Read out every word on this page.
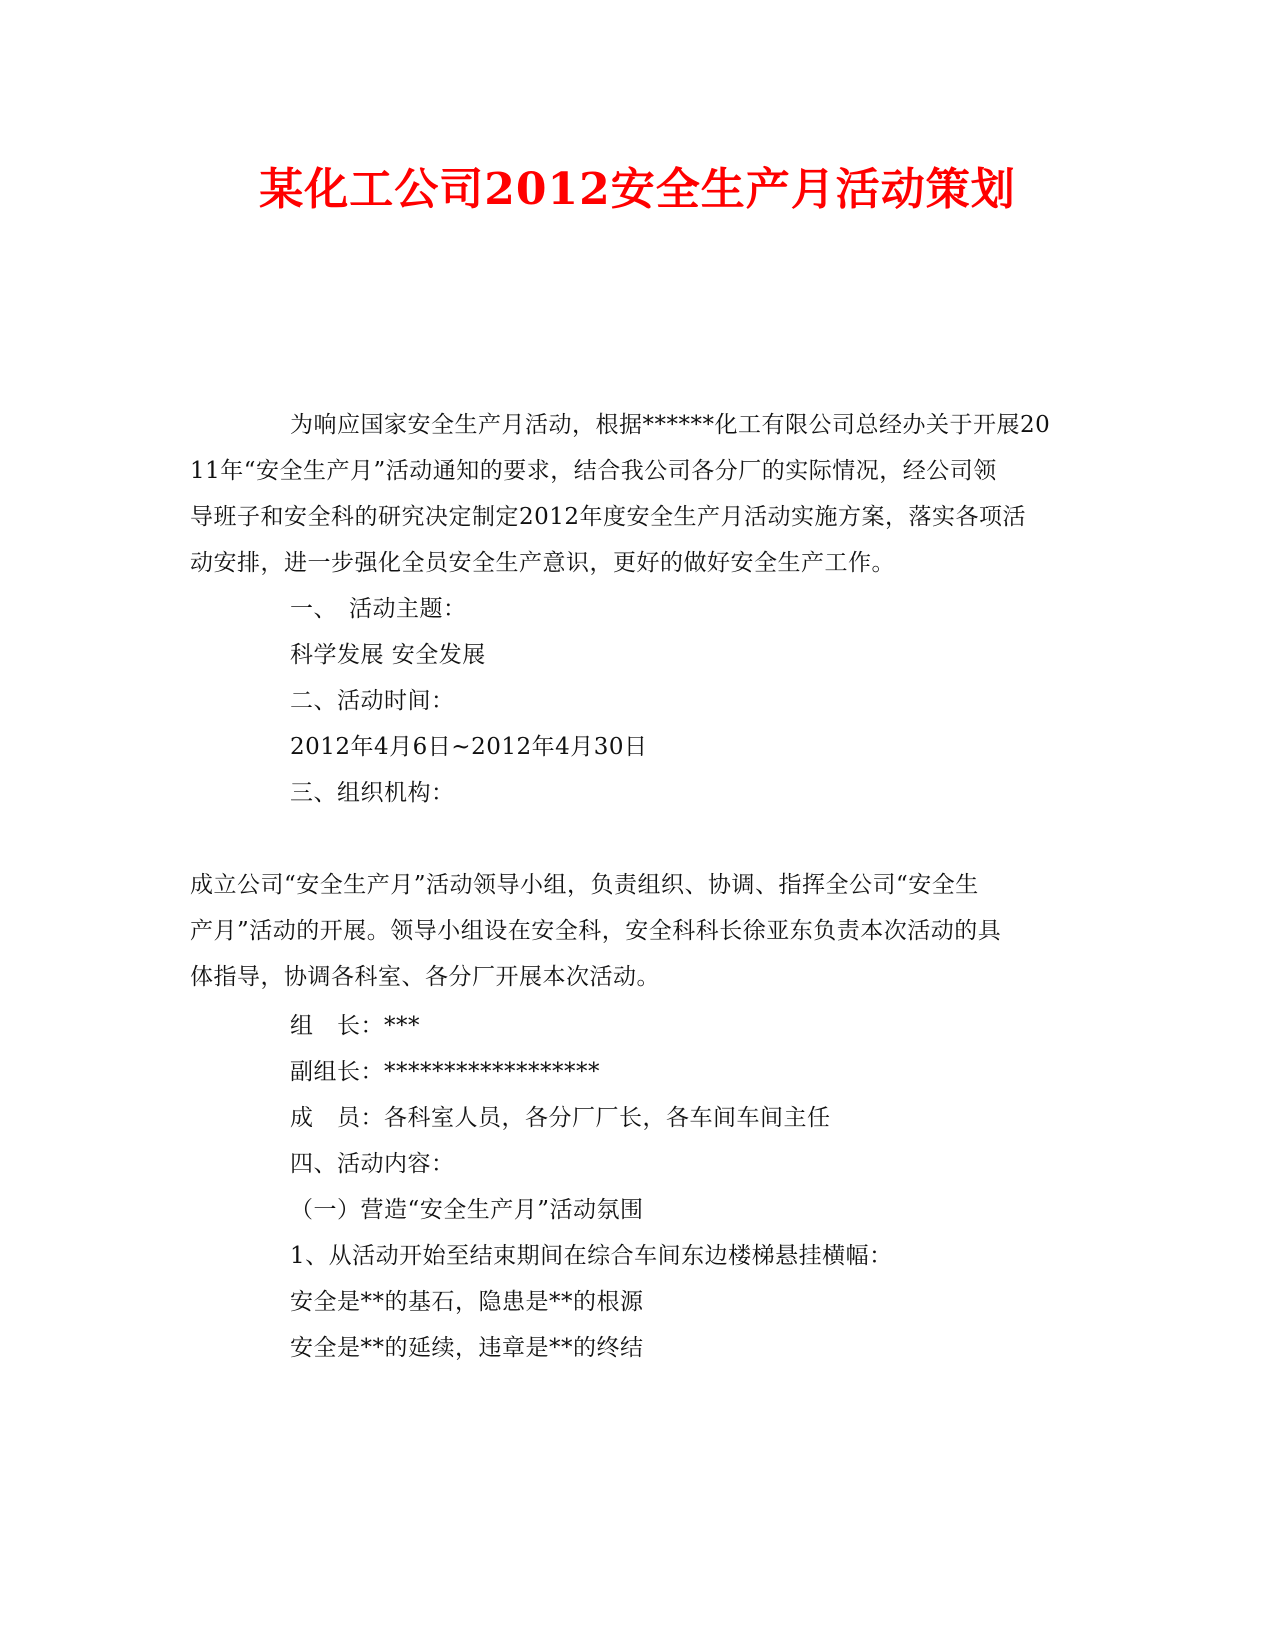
某化工公司2012安全生产月活动策划
为响应国家安全生产月活动，根据******化工有限公司总经办关于开展20
11年“安全生产月”活动通知的要求，结合我公司各分厂的实际情况，经公司领
导班子和安全科的研究决定制定2012年度安全生产月活动实施方案，落实各项活
动安排，进一步强化全员安全生产意识，更好的做好安全生产工作。
一、　活动主题：
科学发展 安全发展
二、活动时间：
2012年4月6日~2012年4月30日
三、组织机构：
成立公司“安全生产月”活动领导小组，负责组织、协调、指挥全公司“安全生
产月”活动的开展。领导小组设在安全科，安全科科长徐亚东负责本次活动的具
体指导，协调各科室、各分厂开展本次活动。
组　长：***
副组长：******************
成　员：各科室人员，各分厂厂长，各车间车间主任
四、活动内容：
（一）营造“安全生产月”活动氛围
1、从活动开始至结束期间在综合车间东边楼梯悬挂横幅：
安全是**的基石，隐患是**的根源
安全是**的延续，违章是**的终结
